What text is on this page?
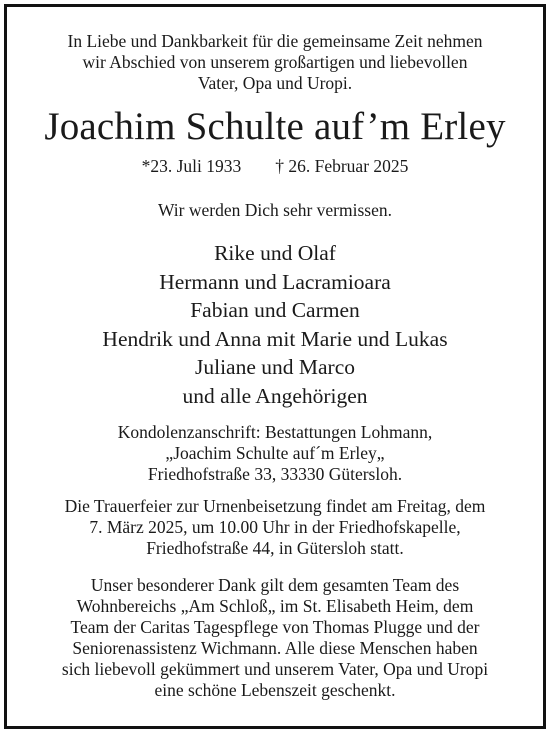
In Liebe und Dankbarkeit für die gemeinsame Zeit nehmen
wir Abschied von unserem großartigen und liebevollen
Vater, Opa und Uropi.
Joachim Schulte auf’m Erley
*23. Juli 1933 † 26. Februar 2025
Wir werden Dich sehr vermissen.
Rike und Olaf
Hermann und Lacramioara
Fabian und Carmen
Hendrik und Anna mit Marie und Lukas
Juliane und Marco
und alle Angehörigen
Kondolenzanschrift: Bestattungen Lohmann,
„Joachim Schulte auf´m Erley„
Friedhofstraße 33, 33330 Gütersloh.
Die Trauerfeier zur Urnenbeisetzung findet am Freitag, dem
7. März 2025, um 10.00 Uhr in der Friedhofskapelle,
Friedhofstraße 44, in Gütersloh statt.
Unser besonderer Dank gilt dem gesamten Team des
Wohnbereichs „Am Schloß„ im St. Elisabeth Heim, dem
Team der Caritas Tagespflege von Thomas Plugge und der
Seniorenassistenz Wichmann. Alle diese Menschen haben
sich liebevoll gekümmert und unserem Vater, Opa und Uropi
eine schöne Lebenszeit geschenkt.
